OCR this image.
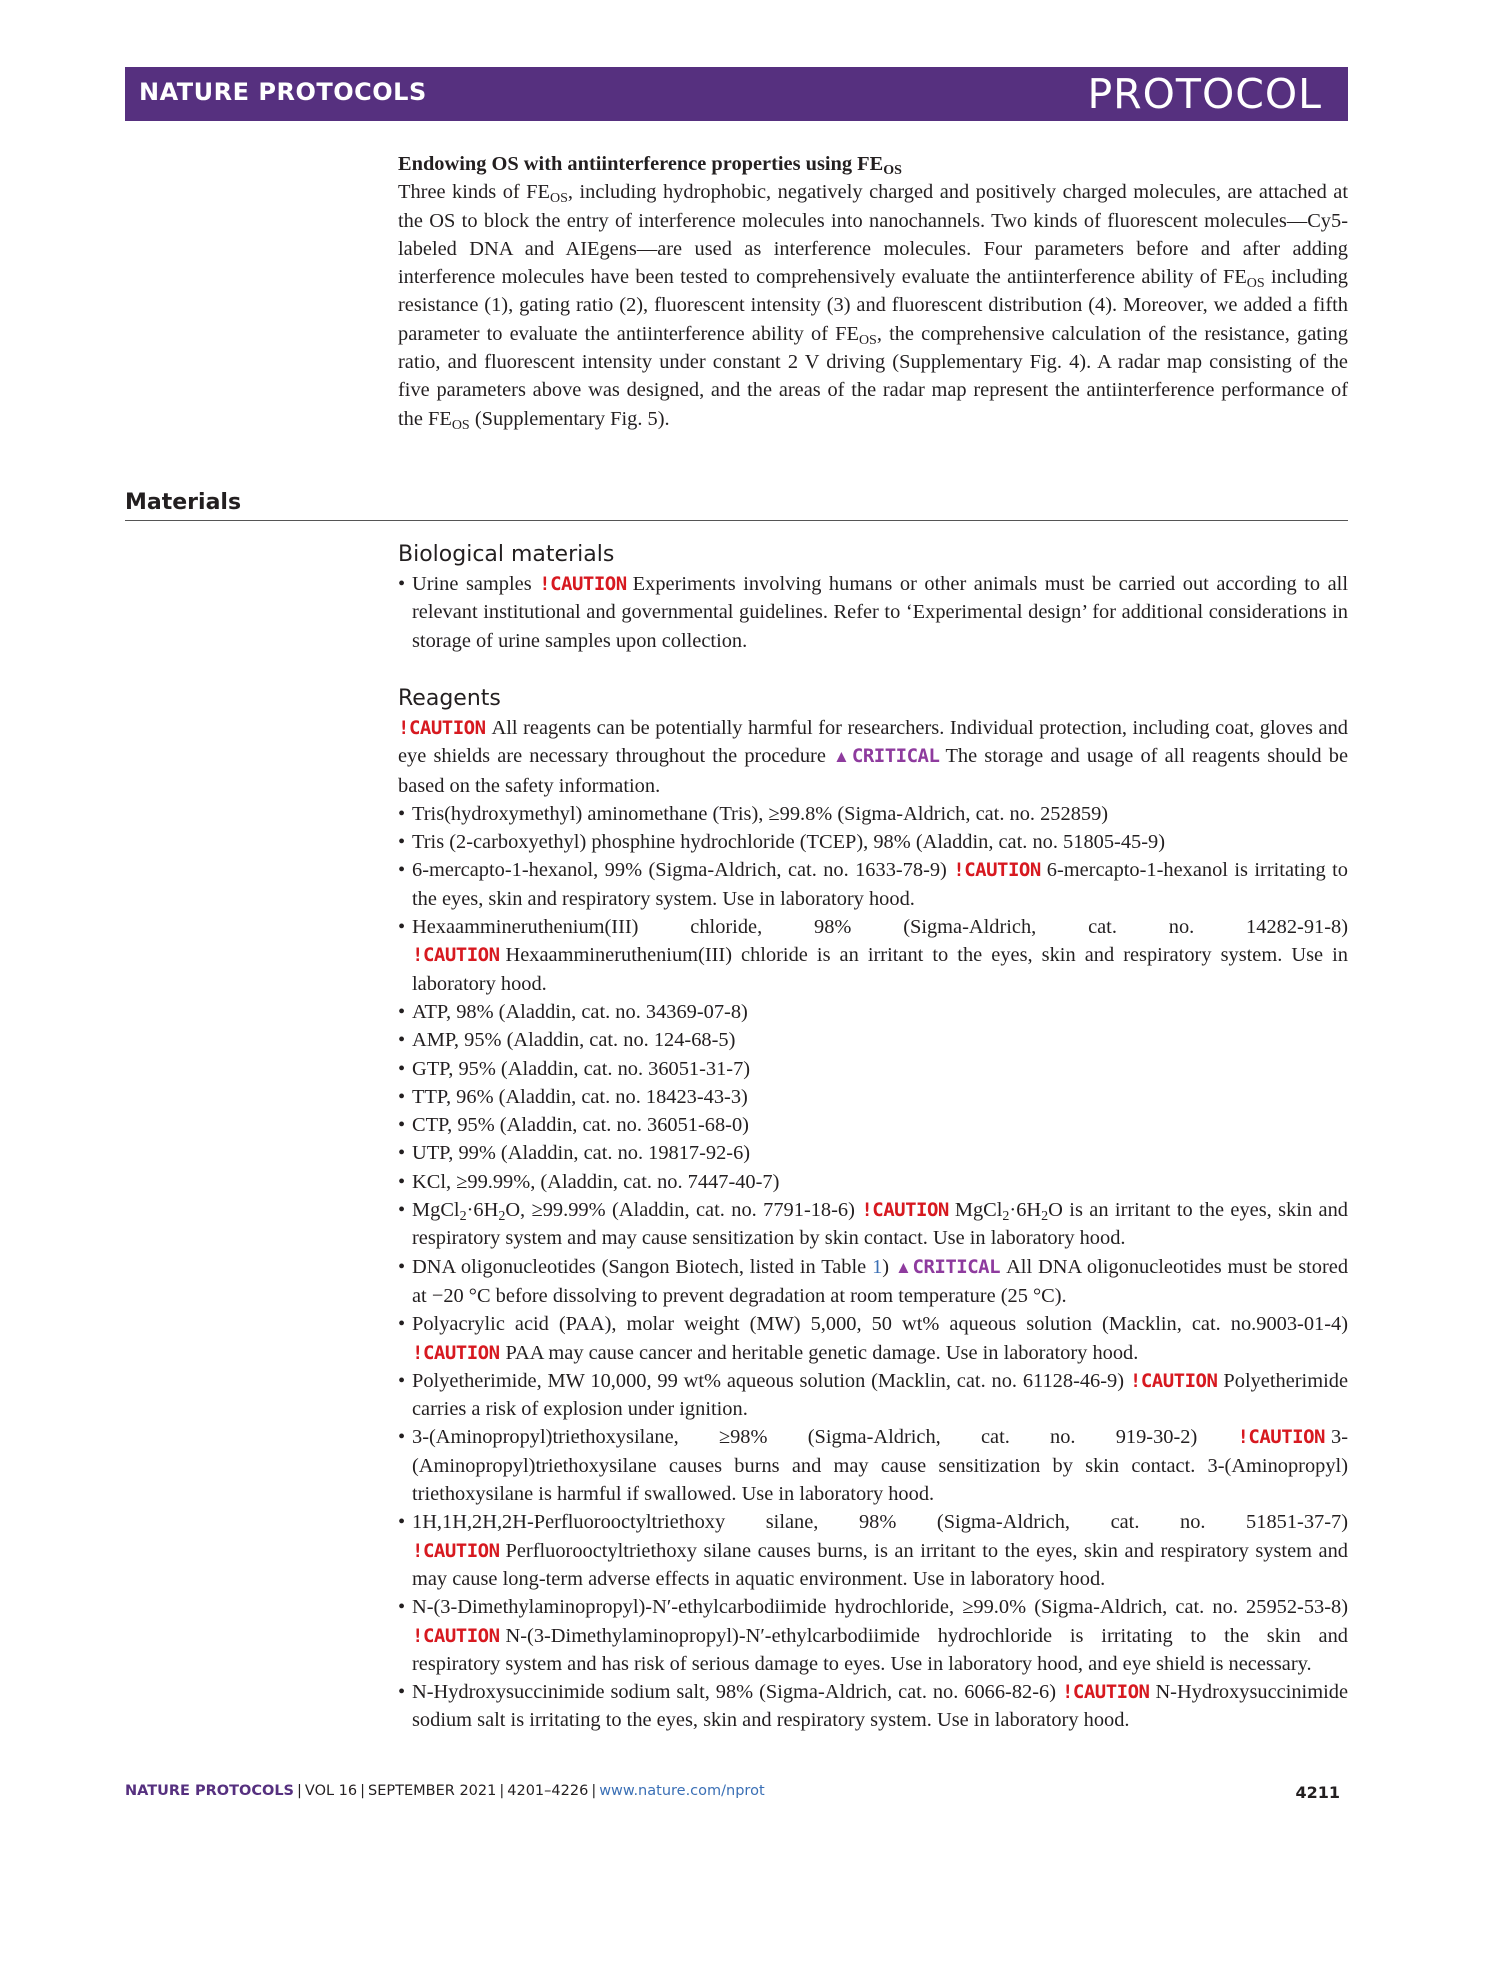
NATURE PROTOCOLS	PROTOCOL
Endowing OS with antiinterference properties using $FE_{OS}$

Three kinds of $FE_{OS}$, including hydrophobic, negatively charged and positively charged molecules, are attached at the OS to block the entry of interference molecules into nanochannels. Two kinds of fluorescent molecules—Cy5-labeled DNA and AIEgens—are used as interference molecules. Four parameters before and after adding interference molecules have been tested to comprehensively evaluate the antiinterference ability of $FE_{OS}$ including resistance (1), gating ratio (2), fluorescent intensity (3) and fluorescent distribution (4). Moreover, we added a fifth parameter to evaluate the antiinterference ability of $FE_{OS}$, the comprehensive calculation of the resistance, gating ratio, and fluorescent intensity under constant 2 V driving (Supplementary Fig. 4). A radar map consisting of the five parameters above was designed, and the areas of the radar map represent the antiinterference performance of the $FE_{OS}$ (Supplementary Fig. 5).

Materials
Biological materials
• Urine samples !CAUTION Experiments involving humans or other animals must be carried out according to all relevant institutional and governmental guidelines. Refer to ‘Experimental design’ for additional considerations in storage of urine samples upon collection.
Reagents

!CAUTION All reagents can be potentially harmful for researchers. Individual protection, including coat, gloves and eye shields are necessary throughout the procedure ▲CRITICAL The storage and usage of all reagents should be based on the safety information.

• Tris(hydroxymethyl) aminomethane (Tris), ≥99.8% (Sigma-Aldrich, cat. no. 252859)
• Tris (2-carboxyethyl) phosphine hydrochloride (TCEP), 98% (Aladdin, cat. no. 51805-45-9)
• 6-mercapto-1-hexanol, 99% (Sigma-Aldrich, cat. no. 1633-78-9) !CAUTION 6-mercapto-1-hexanol is irritating to the eyes, skin and respiratory system. Use in laboratory hood.
• Hexaammineruthenium(III) chloride, 98% (Sigma-Aldrich, cat. no. 14282-91-8) !CAUTION Hexaammineruthenium(III) chloride is an irritant to the eyes, skin and respiratory system. Use in laboratory hood.
• ATP, 98% (Aladdin, cat. no. 34369-07-8)
• AMP, 95% (Aladdin, cat. no. 124-68-5)
• GTP, 95% (Aladdin, cat. no. 36051-31-7)
• TTP, 96% (Aladdin, cat. no. 18423-43-3)
• CTP, 95% (Aladdin, cat. no. 36051-68-0)
• UTP, 99% (Aladdin, cat. no. 19817-92-6)
• KCl, ≥99.99%, (Aladdin, cat. no. 7447-40-7)
• $MgCl_2\cdot 6H_2O$, ≥99.99% (Aladdin, cat. no. 7791-18-6) !CAUTION $MgCl_2\cdot 6H_2O$ is an irritant to the eyes, skin and respiratory system and may cause sensitization by skin contact. Use in laboratory hood.
• DNA oligonucleotides (Sangon Biotech, listed in Table 1) ▲CRITICAL All DNA oligonucleotides must be stored at −20 °C before dissolving to prevent degradation at room temperature (25 °C).
• Polyacrylic acid (PAA), molar weight (MW) 5,000, 50 wt% aqueous solution (Macklin, cat. no.9003-01-4) !CAUTION PAA may cause cancer and heritable genetic damage. Use in laboratory hood.
• Polyetherimide, MW 10,000, 99 wt% aqueous solution (Macklin, cat. no. 61128-46-9) !CAUTION Polyetherimide carries a risk of explosion under ignition.
• 3-(Aminopropyl)triethoxysilane, ≥98% (Sigma-Aldrich, cat. no. 919-30-2) !CAUTION 3-(Aminopropyl)triethoxysilane causes burns and may cause sensitization by skin contact. 3-(Aminopropyl) triethoxysilane is harmful if swallowed. Use in laboratory hood.
• 1H,1H,2H,2H-Perfluorooctyltriethoxy silane, 98% (Sigma-Aldrich, cat. no. 51851-37-7) !CAUTION Perfluorooctyltriethoxy silane causes burns, is an irritant to the eyes, skin and respiratory system and may cause long-term adverse effects in aquatic environment. Use in laboratory hood.
• N-(3-Dimethylaminopropyl)-N′-ethylcarbodiimide hydrochloride, ≥99.0% (Sigma-Aldrich, cat. no. 25952-53-8) !CAUTION N-(3-Dimethylaminopropyl)-N′-ethylcarbodiimide hydrochloride is irritating to the skin and respiratory system and has risk of serious damage to eyes. Use in laboratory hood, and eye shield is necessary.
• N-Hydroxysuccinimide sodium salt, 98% (Sigma-Aldrich, cat. no. 6066-82-6) !CAUTION N-Hydroxysuccinimide sodium salt is irritating to the eyes, skin and respiratory system. Use in laboratory hood.
NATURE PROTOCOLS | VOL 16 | SEPTEMBER 2021 | 4201–4226 | www.nature.com/nprot	4211
